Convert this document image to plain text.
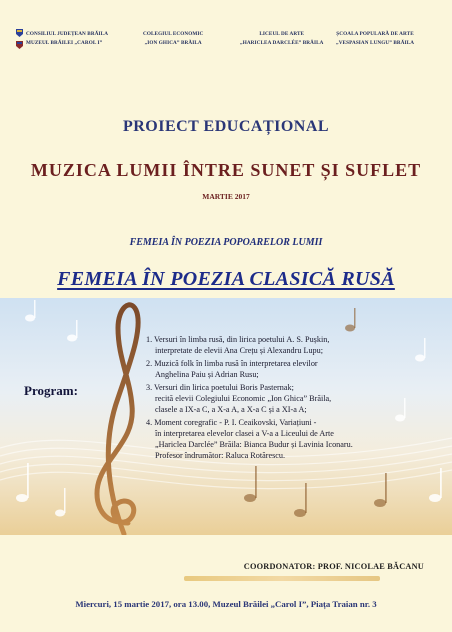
CONSILIUL JUDEȚEAN BRĂILA
MUZEUL BRĂILEI „CAROL I”
COLEGIUL ECONOMIC
„ION GHICA” BRĂILA
LICEUL DE ARTE
„HARICLEA DARCLÉE” BRĂILA
ȘCOALA POPULARĂ DE ARTE
„VESPASIAN LUNGU” BRĂILA
PROIECT EDUCAȚIONAL
MUZICA LUMII ÎNTRE SUNET ȘI SUFLET
MARTIE 2017
FEMEIA ÎN POEZIA POPOARELOR LUMII
FEMEIA ÎN POEZIA CLASICĂ RUSĂ
Program:

1. Versuri în limba rusă, din lirica poetului A. S. Pușkin,
interpretate de elevii Ana Crețu și Alexandru Lupu;

2. Muzică folk în limba rusă în interpretarea elevilor
Anghelina Paiu și Adrian Rusu;

3. Versuri din lirica poetului Boris Pasternak;
recită elevii Colegiului Economic „Ion Ghica” Brăila,
clasele a IX-a C, a X-a A, a X-a C și a XI-a A;

4. Moment coregrafic - P. I. Ceaikovski, Variațiuni -
în interpretarea elevelor clasei a V-a a Liceului de Arte
„Hariclea Darclée” Brăila: Bianca Budur și Lavinia Iconaru.
Profesor îndrumător: Raluca Rotărescu.

COORDONATOR: PROF. NICOLAE BĂCANU
Miercuri, 15 martie 2017, ora 13.00, Muzeul Brăilei „Carol I”, Piața Traian nr. 3
